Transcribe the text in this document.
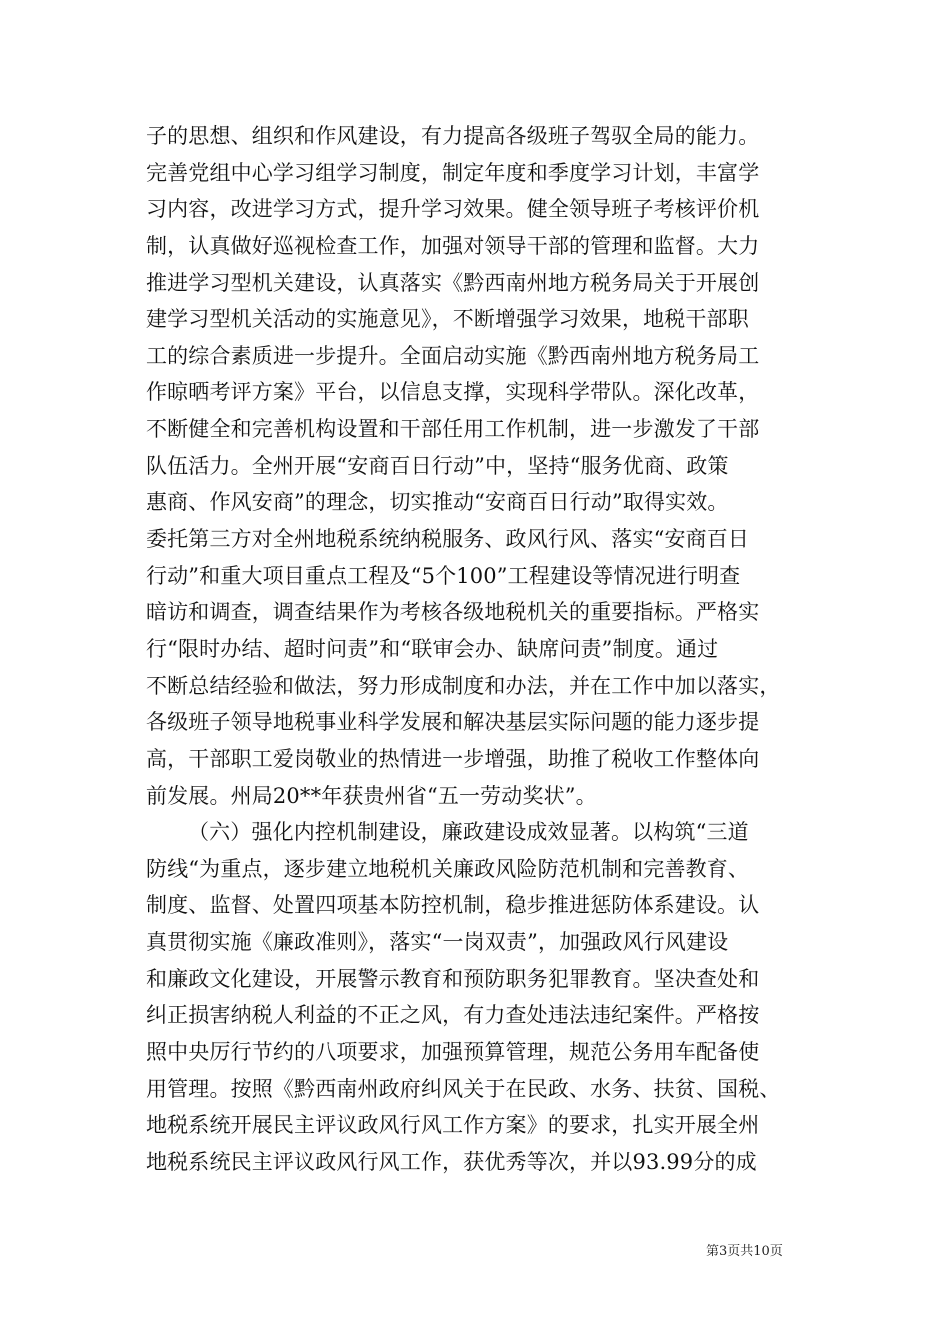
子的思想、组织和作风建设，有力提高各级班子驾驭全局的能力。
完善党组中心学习组学习制度，制定年度和季度学习计划，丰富学
习内容，改进学习方式，提升学习效果。健全领导班子考核评价机
制，认真做好巡视检查工作，加强对领导干部的管理和监督。大力
推进学习型机关建设，认真落实《黔西南州地方税务局关于开展创
建学习型机关活动的实施意见》，不断增强学习效果，地税干部职
工的综合素质进一步提升。全面启动实施《黔西南州地方税务局工
作晾晒考评方案》平台，以信息支撑，实现科学带队。深化改革，
不断健全和完善机构设置和干部任用工作机制，进一步激发了干部
队伍活力。全州开展“安商百日行动”中，坚持“服务优商、政策
惠商、作风安商”的理念，切实推动“安商百日行动”取得实效。
委托第三方对全州地税系统纳税服务、政风行风、落实“安商百日
行动”和重大项目重点工程及“5个100”工程建设等情况进行明查
暗访和调查，调查结果作为考核各级地税机关的重要指标。严格实
行“限时办结、超时问责”和“联审会办、缺席问责”制度。通过
不断总结经验和做法，努力形成制度和办法，并在工作中加以落实，
各级班子领导地税事业科学发展和解决基层实际问题的能力逐步提
高，干部职工爱岗敬业的热情进一步增强，助推了税收工作整体向
前发展。州局20**年获贵州省“五一劳动奖状”。
（六）强化内控机制建设，廉政建设成效显著。以构筑“三道
防线“为重点，逐步建立地税机关廉政风险防范机制和完善教育、
制度、监督、处置四项基本防控机制，稳步推进惩防体系建设。认
真贯彻实施《廉政准则》，落实“一岗双责”，加强政风行风建设
和廉政文化建设，开展警示教育和预防职务犯罪教育。坚决查处和
纠正损害纳税人利益的不正之风，有力查处违法违纪案件。严格按
照中央厉行节约的八项要求，加强预算管理，规范公务用车配备使
用管理。按照《黔西南州政府纠风关于在民政、水务、扶贫、国税、
地税系统开展民主评议政风行风工作方案》的要求，扎实开展全州
地税系统民主评议政风行风工作，获优秀等次，并以93.99分的成
第3页共10页
